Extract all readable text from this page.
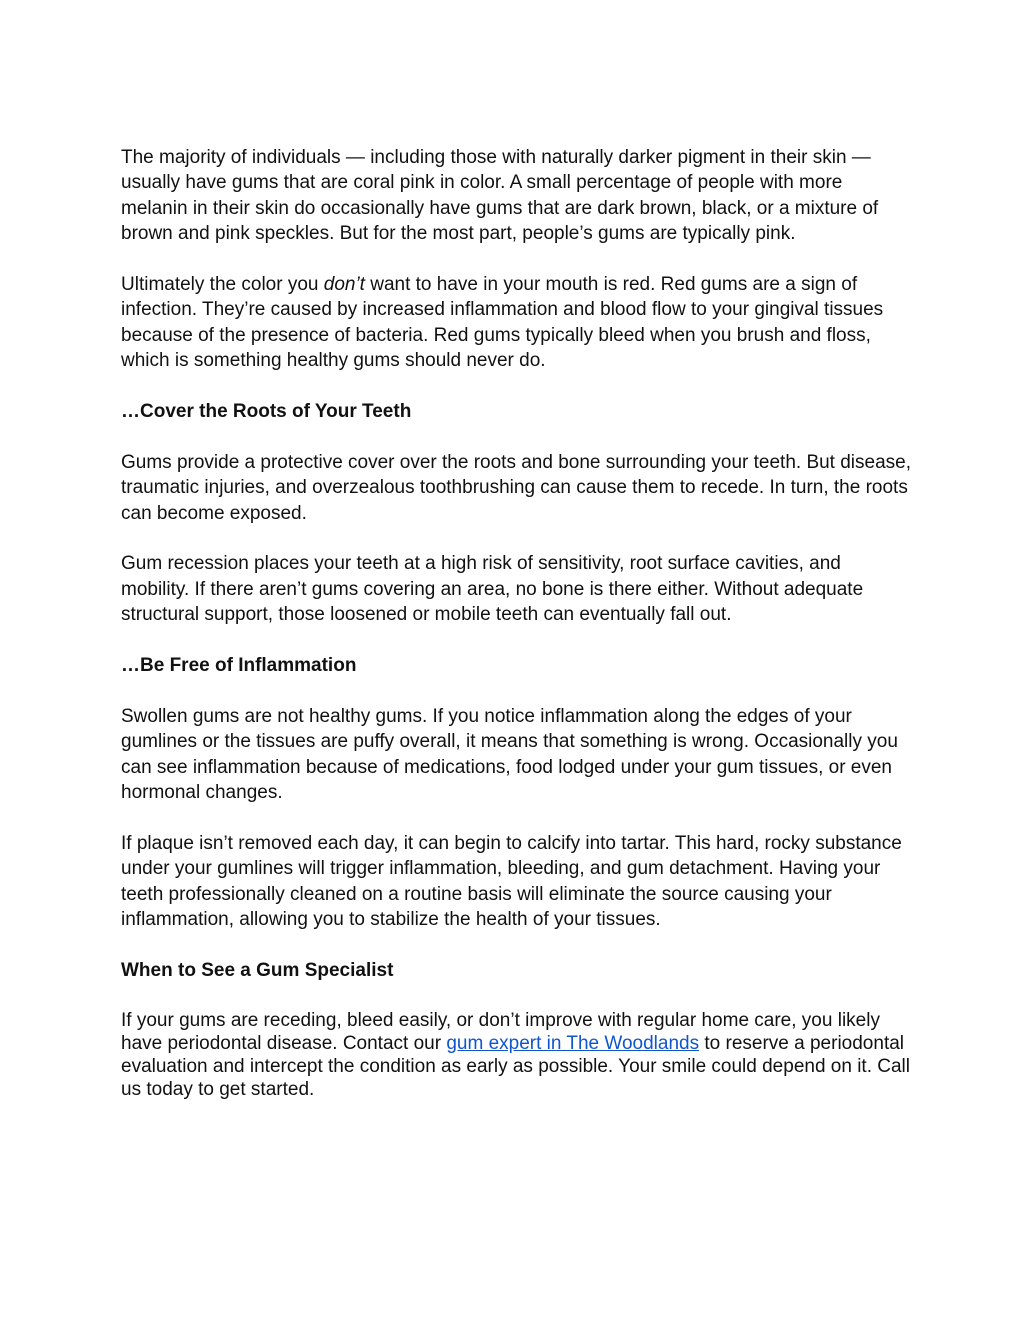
The majority of individuals — including those with naturally darker pigment in their skin — usually have gums that are coral pink in color. A small percentage of people with more melanin in their skin do occasionally have gums that are dark brown, black, or a mixture of brown and pink speckles. But for the most part, people’s gums are typically pink.

Ultimately the color you don’t want to have in your mouth is red. Red gums are a sign of infection. They’re caused by increased inflammation and blood flow to your gingival tissues because of the presence of bacteria. Red gums typically bleed when you brush and floss, which is something healthy gums should never do.

…Cover the Roots of Your Teeth

Gums provide a protective cover over the roots and bone surrounding your teeth. But disease, traumatic injuries, and overzealous toothbrushing can cause them to recede. In turn, the roots can become exposed.

Gum recession places your teeth at a high risk of sensitivity, root surface cavities, and mobility. If there aren’t gums covering an area, no bone is there either. Without adequate structural support, those loosened or mobile teeth can eventually fall out.

…Be Free of Inflammation

Swollen gums are not healthy gums. If you notice inflammation along the edges of your gumlines or the tissues are puffy overall, it means that something is wrong. Occasionally you can see inflammation because of medications, food lodged under your gum tissues, or even hormonal changes.

If plaque isn’t removed each day, it can begin to calcify into tartar. This hard, rocky substance under your gumlines will trigger inflammation, bleeding, and gum detachment. Having your teeth professionally cleaned on a routine basis will eliminate the source causing your inflammation, allowing you to stabilize the health of your tissues.

When to See a Gum Specialist

If your gums are receding, bleed easily, or don’t improve with regular home care, you likely have periodontal disease. Contact our gum expert in The Woodlands to reserve a periodontal evaluation and intercept the condition as early as possible. Your smile could depend on it. Call us today to get started.
